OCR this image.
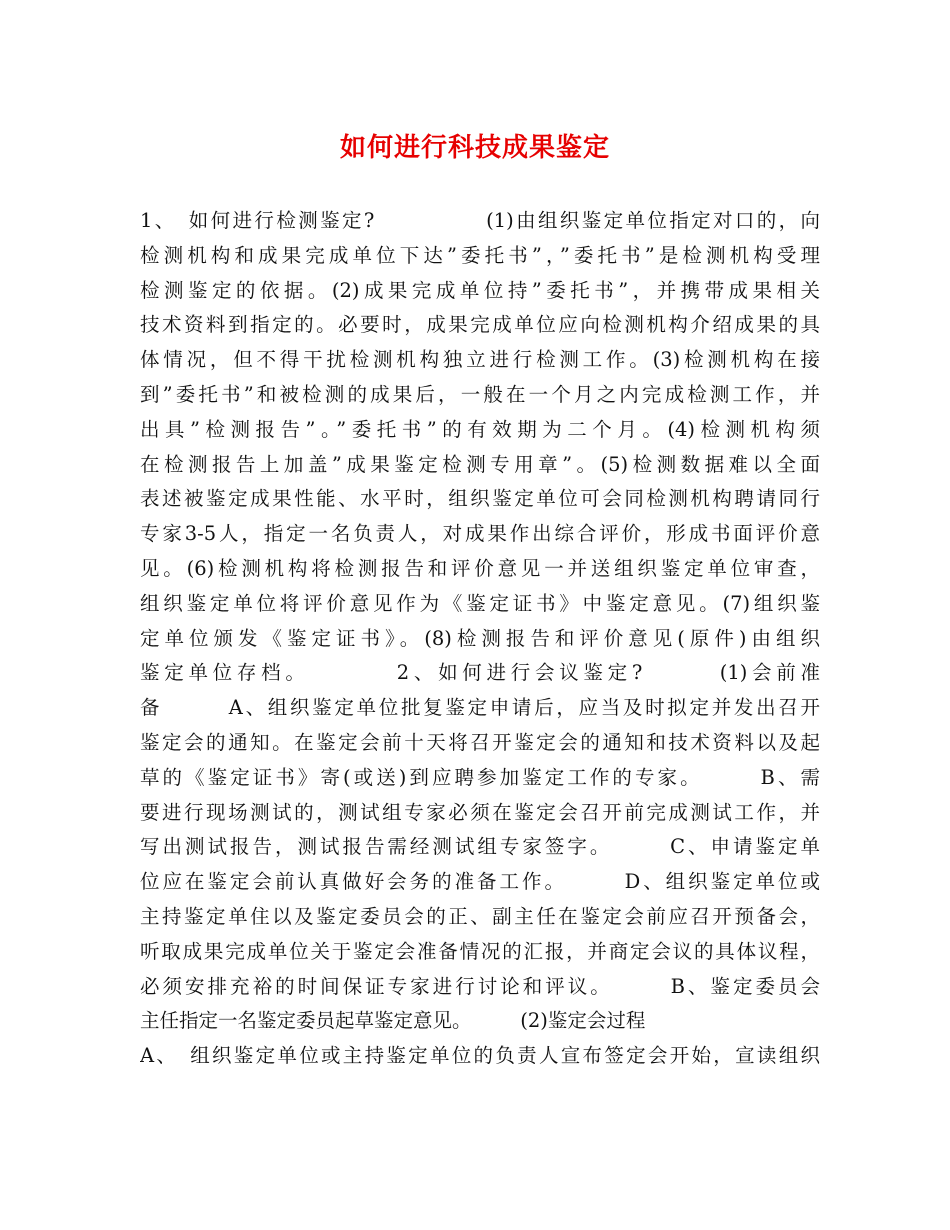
如何进行科技成果鉴定
1、　如何进行检测鉴定?　　　　　(1)由组织鉴定单位指定对口的，向
检测机构和成果完成单位下达”委托书”，”委托书”是检测机构受理
检测鉴定的依据。(2)成果完成单位持”委托书”，并携带成果相关
技术资料到指定的。必要时，成果完成单位应向检测机构介绍成果的具
体情况，但不得干扰检测机构独立进行检测工作。(3)检测机构在接
到”委托书”和被检测的成果后，一般在一个月之内完成检测工作，并
出具”检测报告”。”委托书”的有效期为二个月。(4)检测机构须
在检测报告上加盖”成果鉴定检测专用章”。(5)检测数据难以全面
表述被鉴定成果性能、水平时，组织鉴定单位可会同检测机构聘请同行
专家3-5人，指定一名负责人，对成果作出综合评价，形成书面评价意
见。(6)检测机构将检测报告和评价意见一并送组织鉴定单位审查，
组织鉴定单位将评价意见作为《鉴定证书》中鉴定意见。(7)组织鉴
定单位颁发《鉴定证书》。(8)检测报告和评价意见(原件)由组织
鉴定单位存档。　　　　2、如何进行会议鉴定?　　　(1)会前准
备　　　A、组织鉴定单位批复鉴定申请后，应当及时拟定并发出召开
鉴定会的通知。在鉴定会前十天将召开鉴定会的通知和技术资料以及起
草的《鉴定证书》寄(或送)到应聘参加鉴定工作的专家。　　　B、需
要进行现场测试的，测试组专家必须在鉴定会召开前完成测试工作，并
写出测试报告，测试报告需经测试组专家签字。　　　C、申请鉴定单
位应在鉴定会前认真做好会务的准备工作。　　　D、组织鉴定单位或
主持鉴定单住以及鉴定委员会的正、副主任在鉴定会前应召开预备会，
听取成果完成单位关于鉴定会准备情况的汇报，并商定会议的具体议程，
必须安排充裕的时间保证专家进行讨论和评议。　　　B、鉴定委员会
主任指定一名鉴定委员起草鉴定意见。　　　(2)鉴定会过程
A、　组织鉴定单位或主持鉴定单位的负责人宣布签定会开始，宣读组织
